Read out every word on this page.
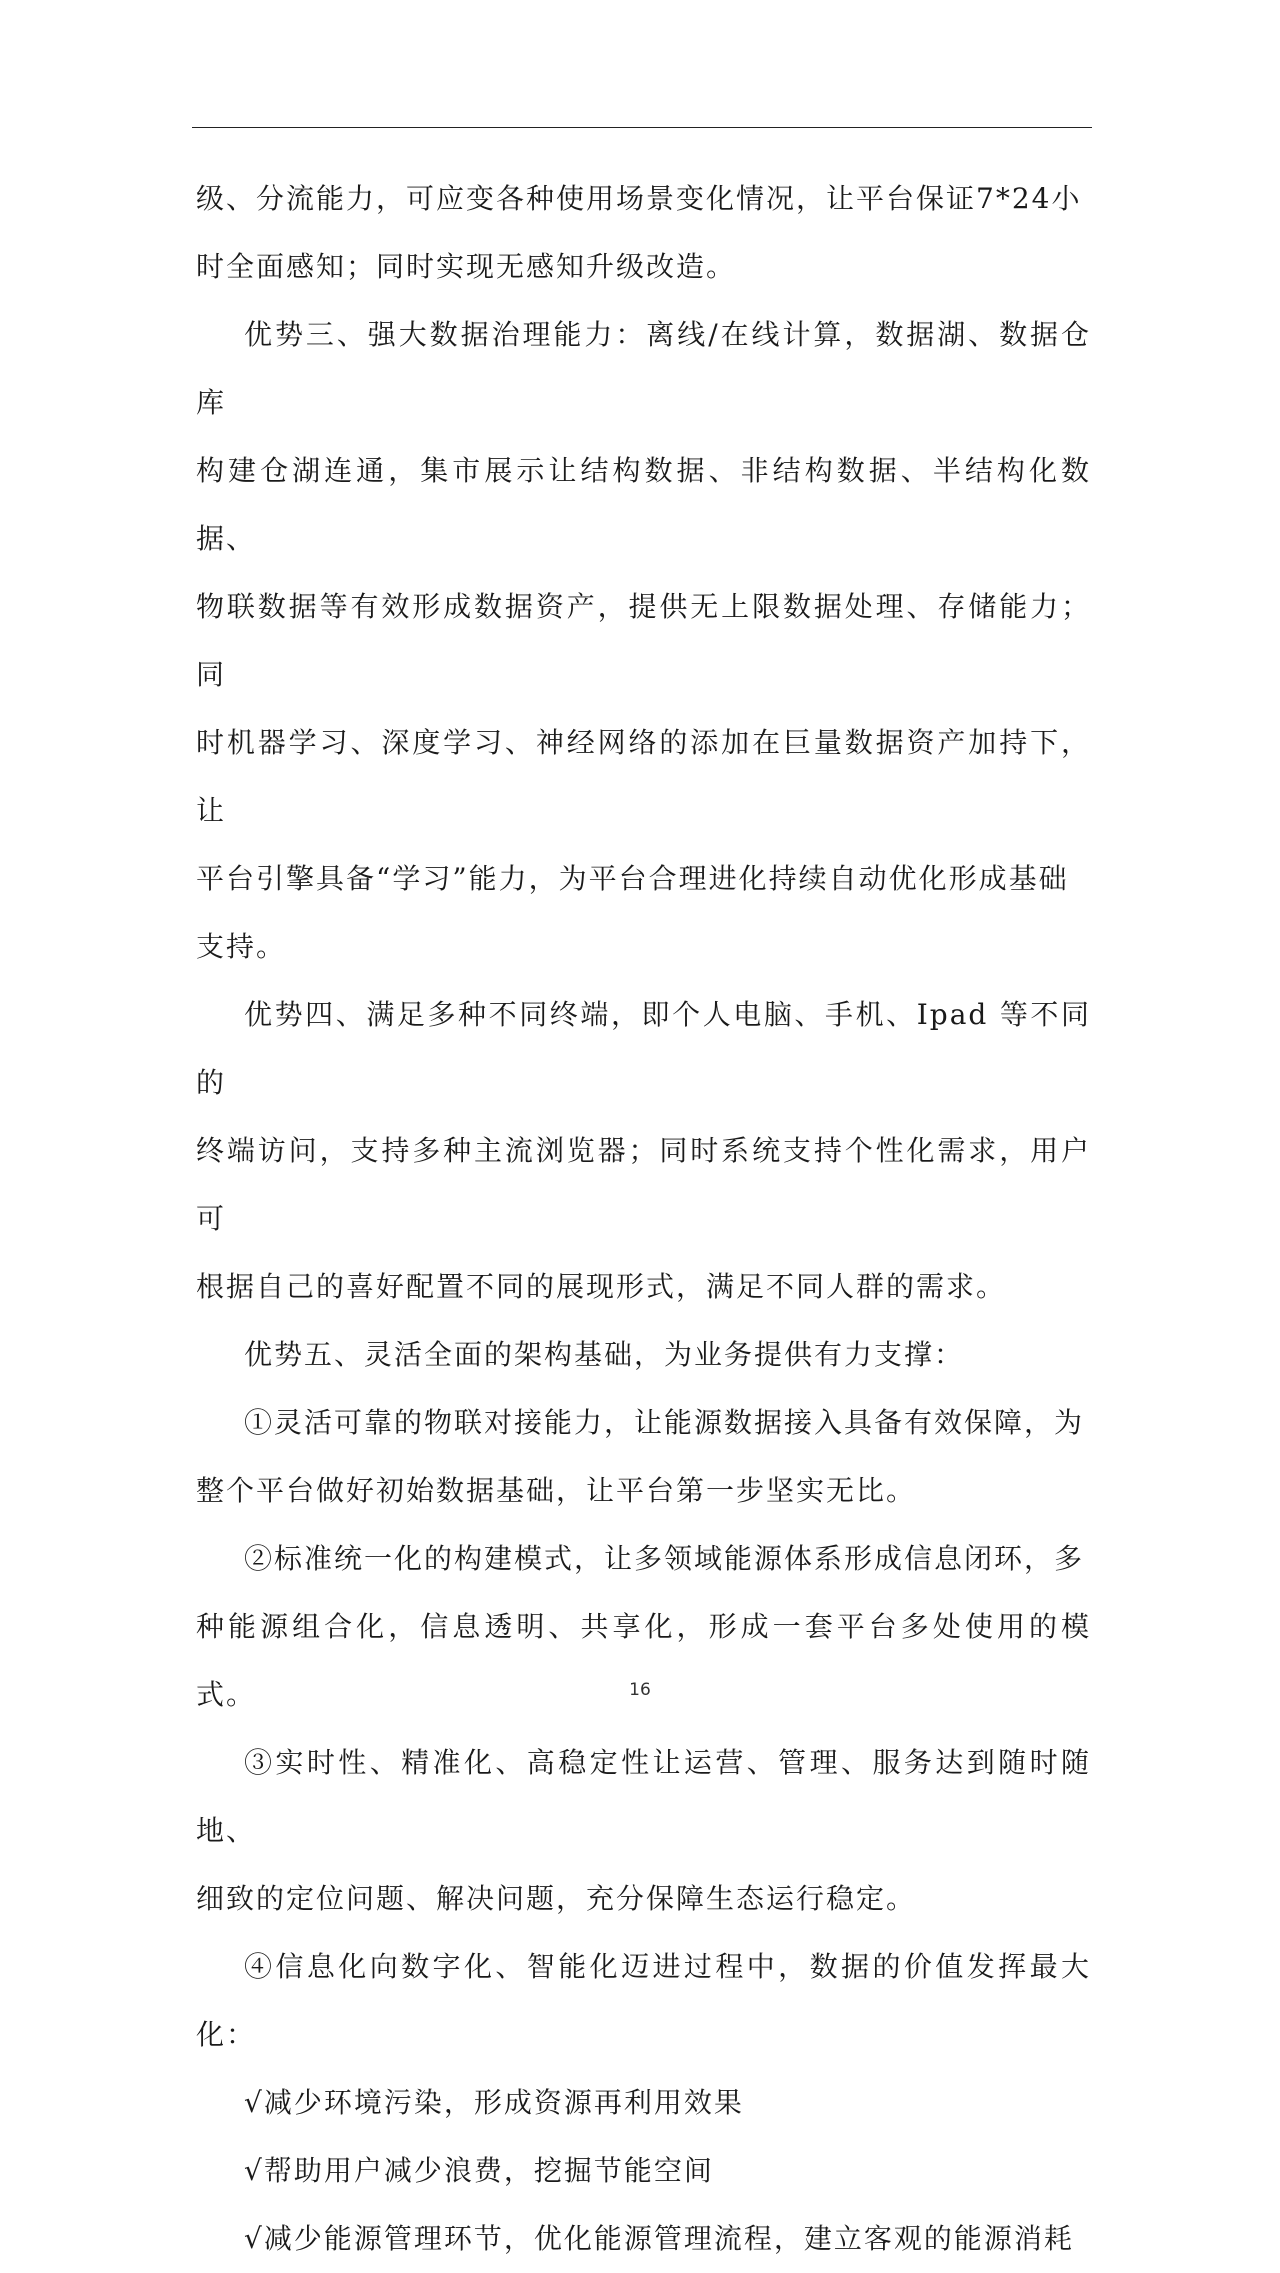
级、分流能力，可应变各种使用场景变化情况，让平台保证7*24小
时全面感知；同时实现无感知升级改造。

优势三、强大数据治理能力：离线/在线计算，数据湖、数据仓库
构建仓湖连通，集市展示让结构数据、非结构数据、半结构化数据、
物联数据等有效形成数据资产，提供无上限数据处理、存储能力；同
时机器学习、深度学习、神经网络的添加在巨量数据资产加持下，让
平台引擎具备“学习”能力，为平台合理进化持续自动优化形成基础
支持。

优势四、满足多种不同终端，即个人电脑、手机、Ipad 等不同的
终端访问，支持多种主流浏览器；同时系统支持个性化需求，用户可
根据自己的喜好配置不同的展现形式，满足不同人群的需求。

优势五、灵活全面的架构基础，为业务提供有力支撑：

①灵活可靠的物联对接能力，让能源数据接入具备有效保障，为
整个平台做好初始数据基础，让平台第一步坚实无比。

②标准统一化的构建模式，让多领域能源体系形成信息闭环，多
种能源组合化，信息透明、共享化，形成一套平台多处使用的模式。

③实时性、精准化、高稳定性让运营、管理、服务达到随时随地、
细致的定位问题、解决问题，充分保障生态运行稳定。

④信息化向数字化、智能化迈进过程中，数据的价值发挥最大化：

√减少环境污染，形成资源再利用效果

√帮助用户减少浪费，挖掘节能空间

√减少能源管理环节，优化能源管理流程，建立客观的能源消耗

16
